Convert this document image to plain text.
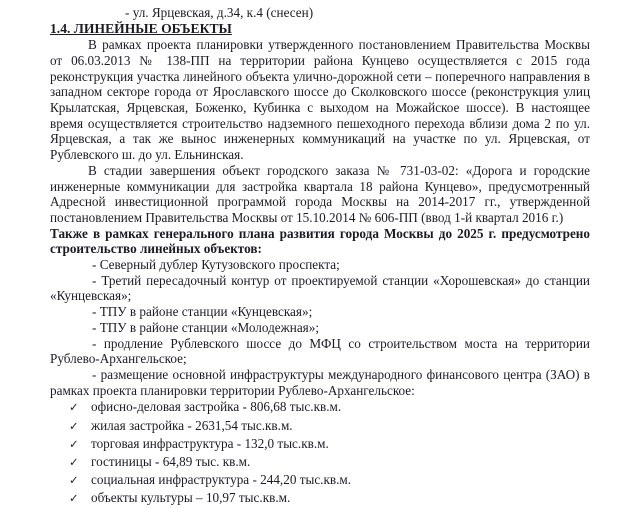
- ул. Ярцевская, д.34, к.4 (снесен)

1.4. ЛИНЕЙНЫЕ ОБЪЕКТЫ

В рамках проекта планировки утвержденного постановлением Правительства Москвы от 06.03.2013 № 138-ПП на территории района Кунцево осуществляется с 2015 года реконструкция участка линейного объекта улично-дорожной сети – поперечного направления в западном секторе города от Ярославского шоссе до Сколковского шоссе (реконструкция улиц Крылатская, Ярцевская, Боженко, Кубинка с выходом на Можайское шоссе). В настоящее время осуществляется строительство надземного пешеходного перехода вблизи дома 2 по ул. Ярцевская, а так же вынос инженерных коммуникаций на участке по ул. Ярцевская, от Рублевского ш. до ул. Ельнинская.

В стадии завершения объект городского заказа № 731-03-02: «Дорога и городские инженерные коммуникации для застройка квартала 18 района Кунцево», предусмотренный Адресной инвестиционной программой города Москвы на 2014-2017 гг., утвержденной постановлением Правительства Москвы от 15.10.2014 № 606-ПП (ввод 1-й квартал 2016 г.)

Также в рамках генерального плана развития города Москвы до 2025 г. предусмотрено строительство линейных объектов:

- Северный дублер Кутузовского проспекта;

- Третий пересадочный контур от проектируемой станции «Хорошевская» до станции «Кунцевская»;

- ТПУ в районе станции «Кунцевская»;

- ТПУ в районе станции «Молодежная»;

- продление Рублевского шоссе до МФЦ со строительством моста на территории Рублево-Архангельское;

- размещение основной инфраструктуры международного финансового центра (ЗАО) в рамках проекта планировки территории Рублево-Архангельское:

✓ офисно-деловая застройка - 806,68 тыс.кв.м.
✓ жилая застройка - 2631,54 тыс.кв.м.
✓ торговая инфраструктура - 132,0 тыс.кв.м.
✓ гостиницы - 64,89 тыс. кв.м.
✓ социальная инфраструктура - 244,20 тыс.кв.м.
✓ объекты культуры – 10,97 тыс.кв.м.
